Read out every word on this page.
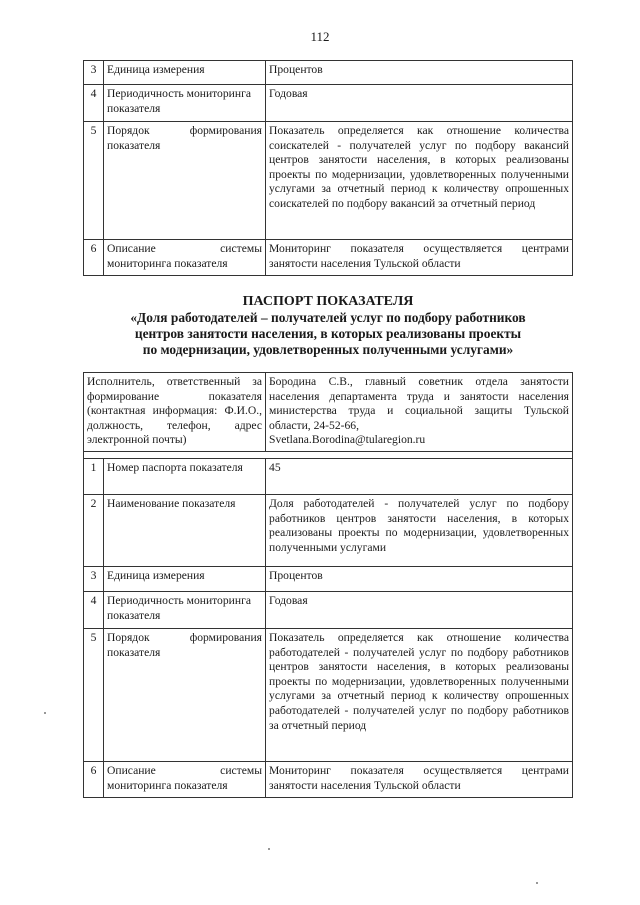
112
3	Единица измерения	Процентов
4	Периодичность мониторинга показателя	Годовая
5	Порядок формирования показателя	Показатель определяется как отношение количества соискателей - получателей услуг по подбору вакансий центров занятости населения, в которых реализованы проекты по модернизации, удовлетворенных полученными услугами за отчетный период к количеству опрошенных соискателей по подбору вакансий за отчетный период
6	Описание системы мониторинга показателя	Мониторинг показателя осуществляется центрами занятости населения Тульской области
ПАСПОРТ ПОКАЗАТЕЛЯ
«Доля работодателей – получателей услуг по подбору работников
центров занятости населения, в которых реализованы проекты
по модернизации, удовлетворенных полученными услугами»
Исполнитель, ответственный за формирование показателя (контактная информация: Ф.И.О., должность, телефон, адрес электронной почты)		Бородина С.В., главный советник отдела занятости населения департамента труда и занятости населения министерства труда и социальной защиты Тульской области, 24-52-66,
Svetlana.Borodina@tularegion.ru

1	Номер паспорта показателя	45
2	Наименование показателя	Доля работодателей - получателей услуг по подбору работников центров занятости населения, в которых реализованы проекты по модернизации, удовлетворенных полученными услугами
3	Единица измерения	Процентов
4	Периодичность мониторинга показателя	Годовая
5	Порядок формирования показателя	Показатель определяется как отношение количества работодателей - получателей услуг по подбору работников центров занятости населения, в которых реализованы проекты по модернизации, удовлетворенных полученными услугами за отчетный период к количеству опрошенных работодателей - получателей услуг по подбору работников за отчетный период
6	Описание системы мониторинга показателя	Мониторинг показателя осуществляется центрами занятости населения Тульской области
